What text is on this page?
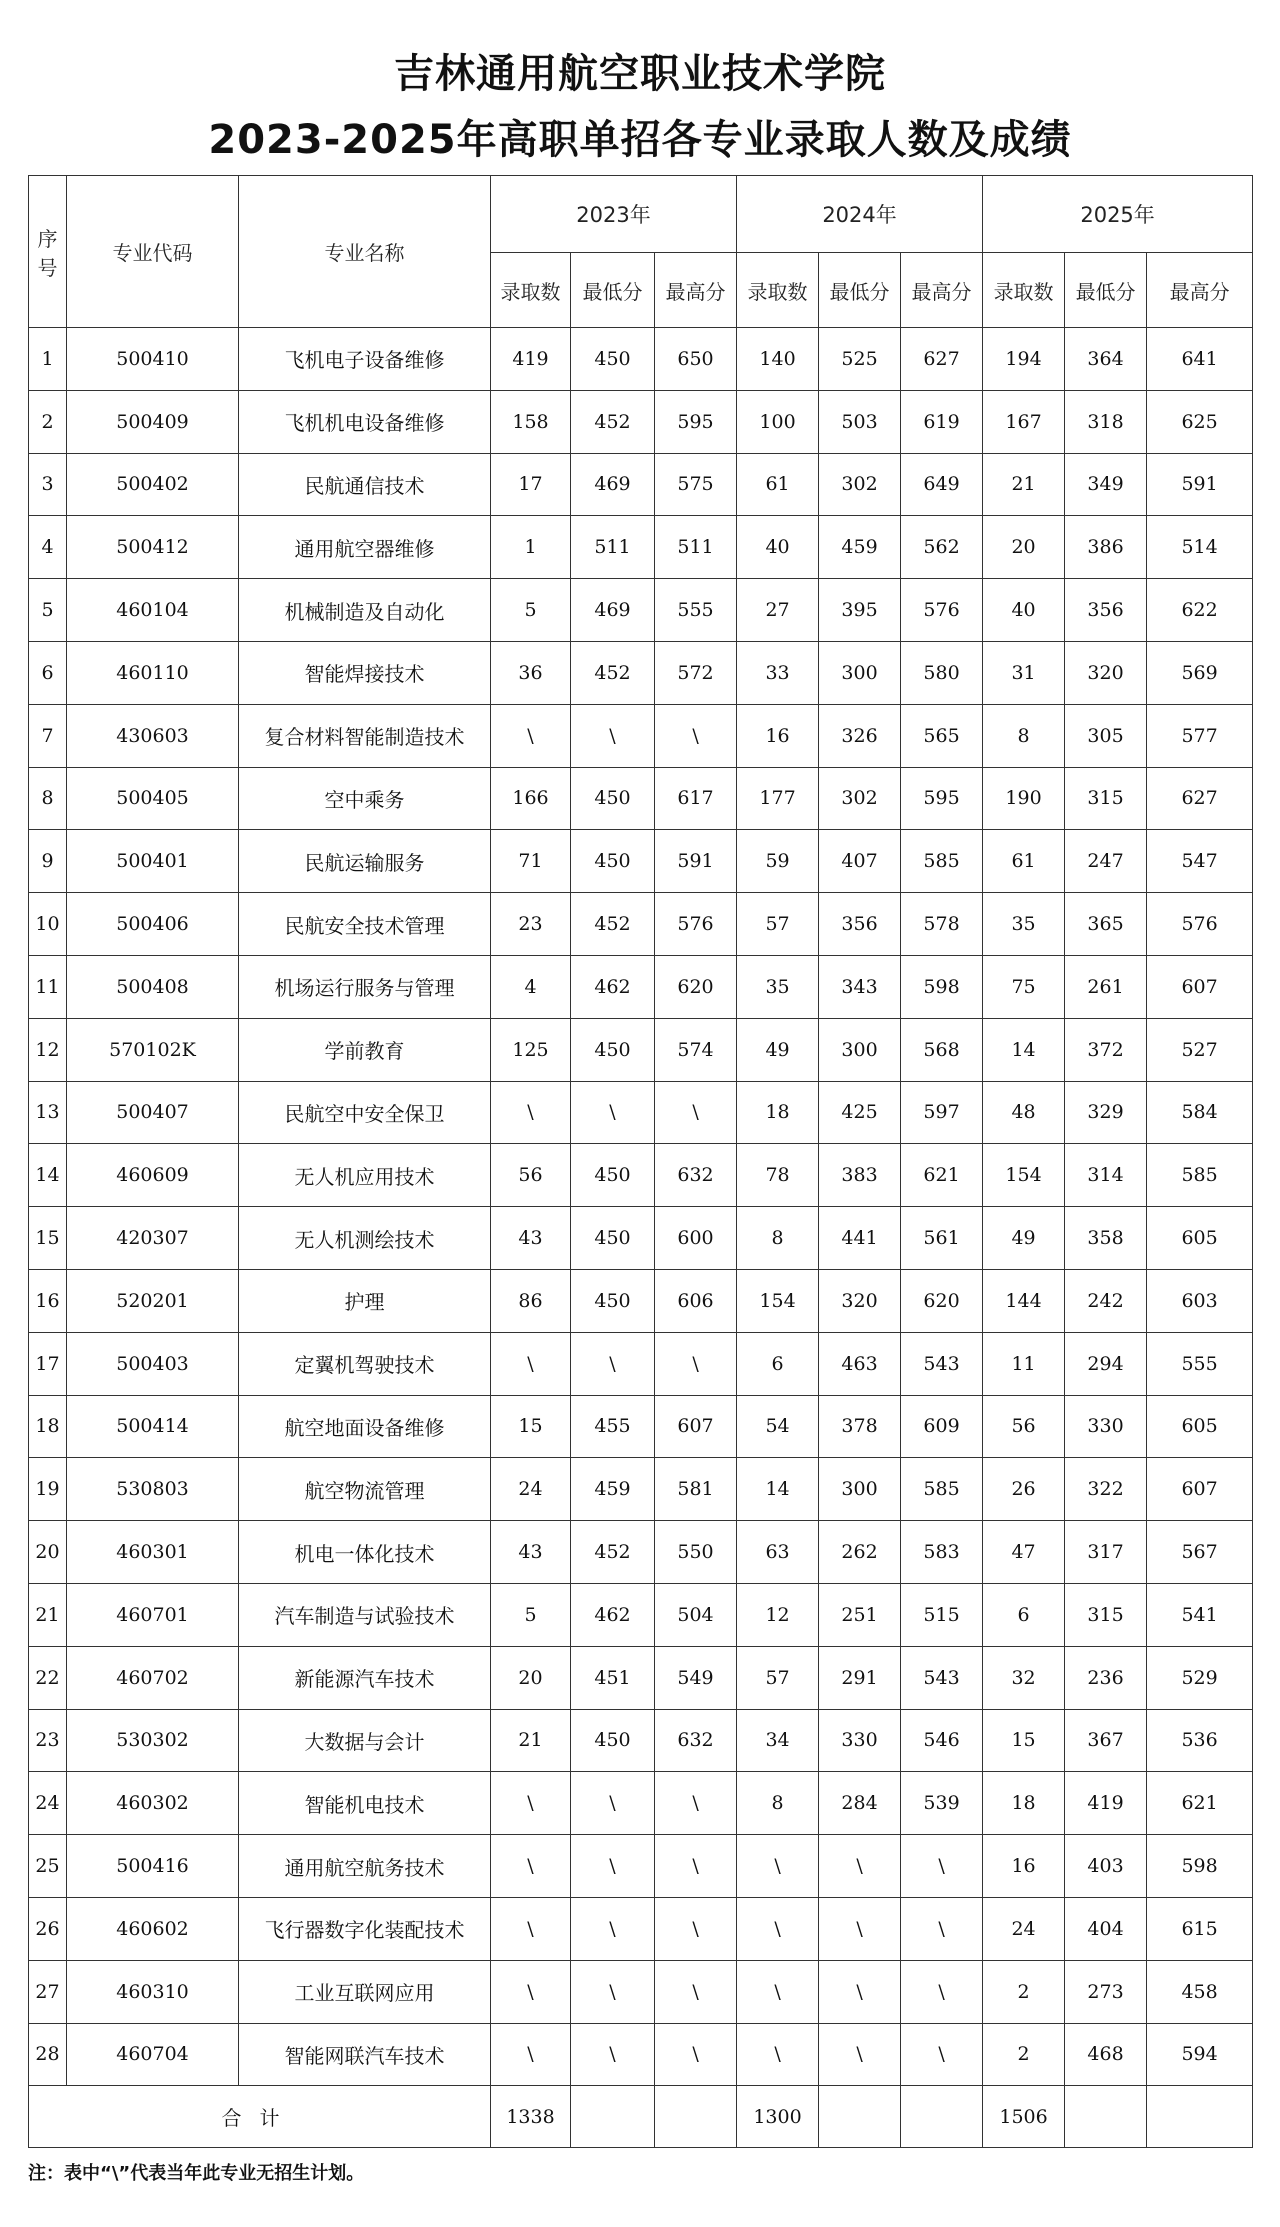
吉林通用航空职业技术学院
2023-2025年高职单招各专业录取人数及成绩
序号	专业代码	专业名称	2023年			2024年			2025年		
			录取数	最低分	最高分	录取数	最低分	最高分	录取数	最低分	最高分
1	500410	飞机电子设备维修	419	450	650	140	525	627	194	364	641
2	500409	飞机机电设备维修	158	452	595	100	503	619	167	318	625
3	500402	民航通信技术	17	469	575	61	302	649	21	349	591
4	500412	通用航空器维修	1	511	511	40	459	562	20	386	514
5	460104	机械制造及自动化	5	469	555	27	395	576	40	356	622
6	460110	智能焊接技术	36	452	572	33	300	580	31	320	569
7	430603	复合材料智能制造技术	\	\	\	16	326	565	8	305	577
8	500405	空中乘务	166	450	617	177	302	595	190	315	627
9	500401	民航运输服务	71	450	591	59	407	585	61	247	547
10	500406	民航安全技术管理	23	452	576	57	356	578	35	365	576
11	500408	机场运行服务与管理	4	462	620	35	343	598	75	261	607
12	570102K	学前教育	125	450	574	49	300	568	14	372	527
13	500407	民航空中安全保卫	\	\	\	18	425	597	48	329	584
14	460609	无人机应用技术	56	450	632	78	383	621	154	314	585
15	420307	无人机测绘技术	43	450	600	8	441	561	49	358	605
16	520201	护理	86	450	606	154	320	620	144	242	603
17	500403	定翼机驾驶技术	\	\	\	6	463	543	11	294	555
18	500414	航空地面设备维修	15	455	607	54	378	609	56	330	605
19	530803	航空物流管理	24	459	581	14	300	585	26	322	607
20	460301	机电一体化技术	43	452	550	63	262	583	47	317	567
21	460701	汽车制造与试验技术	5	462	504	12	251	515	6	315	541
22	460702	新能源汽车技术	20	451	549	57	291	543	32	236	529
23	530302	大数据与会计	21	450	632	34	330	546	15	367	536
24	460302	智能机电技术	\	\	\	8	284	539	18	419	621
25	500416	通用航空航务技术	\	\	\	\	\	\	16	403	598
26	460602	飞行器数字化装配技术	\	\	\	\	\	\	24	404	615
27	460310	工业互联网应用	\	\	\	\	\	\	2	273	458
28	460704	智能网联汽车技术	\	\	\	\	\	\	2	468	594
合计			1338			1300			1506		
注：表中“\”代表当年此专业无招生计划。
